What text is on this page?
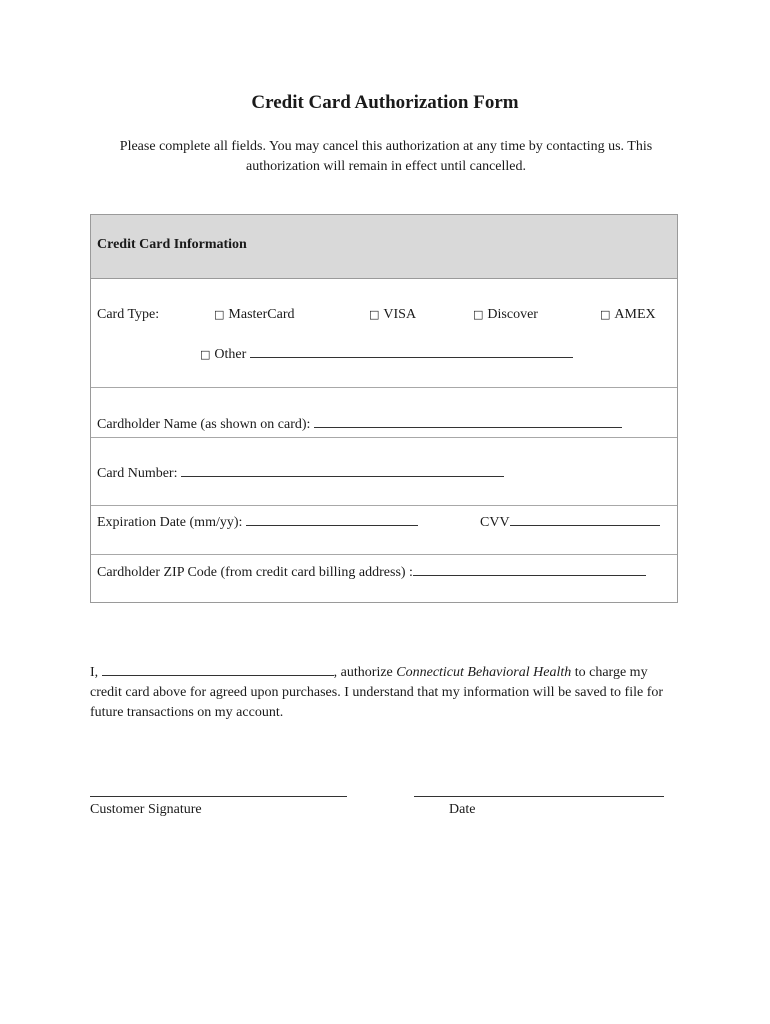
Credit Card Authorization Form
Please complete all fields. You may cancel this authorization at any time by contacting us. This authorization will remain in effect until cancelled.
Credit Card Information
Card Type:	□ MasterCard	□ VISA	□ Discover	□ AMEX
□ Other
Cardholder Name (as shown on card):
Card Number:
Expiration Date (mm/yy):	CVV
Cardholder ZIP Code (from credit card billing address) :
I,	, authorize Connecticut Behavioral Health to charge my credit card above for agreed upon purchases. I understand that my information will be saved to file for future transactions on my account.
Customer Signature	Date
